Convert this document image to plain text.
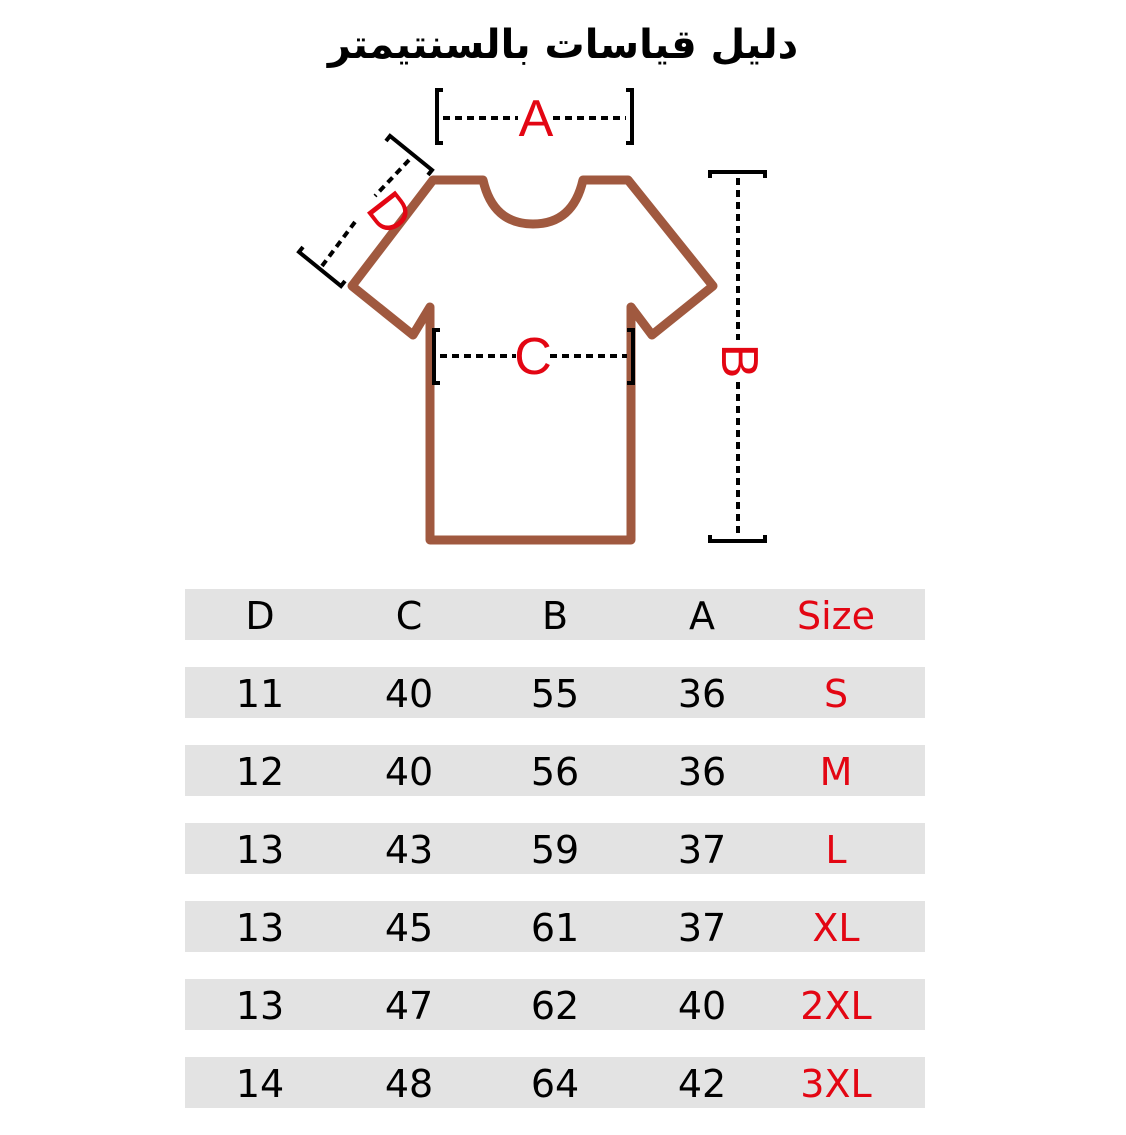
دليل قياسات بالسنتيمتر
A
C	B
D
D	C	B	A	Size
11	40	55	36	S
12	40	56	36	M
13	43	59	37	L
13	45	61	37	XL
13	47	62	40	2XL
14	48	64	42	3XL
